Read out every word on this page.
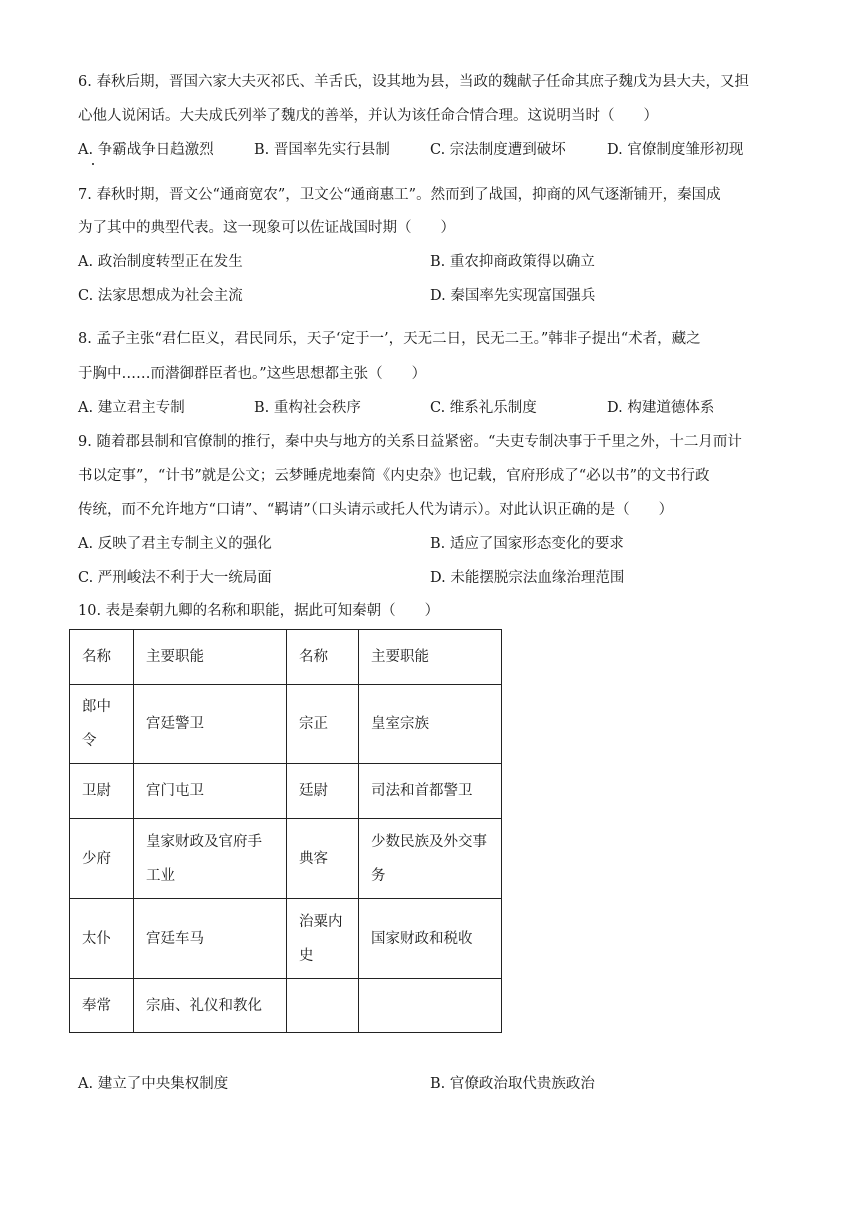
6. 春秋后期，晋国六家大夫灭祁氏、羊舌氏，设其地为县，当政的魏献子任命其庶子魏戊为县大夫，又担
心他人说闲话。大夫成氏列举了魏戊的善举，并认为该任命合情合理。这说明当时（　　）
A. 争霸战争日趋激烈	B. 晋国率先实行县制	C. 宗法制度遭到破坏	D. 官僚制度雏形初现
7. 春秋时期，晋文公“通商宽农”，卫文公“通商惠工”。然而到了战国，抑商的风气逐渐铺开，秦国成
为了其中的典型代表。这一现象可以佐证战国时期（　　）
A. 政治制度转型正在发生	B. 重农抑商政策得以确立
C. 法家思想成为社会主流	D. 秦国率先实现富国强兵
8. 孟子主张“君仁臣义，君民同乐，天子‘定于一’，天无二日，民无二王。”韩非子提出“术者，藏之
于胸中……而潜御群臣者也。”这些思想都主张（　　）
A. 建立君主专制	B. 重构社会秩序	C. 维系礼乐制度	D. 构建道德体系
9. 随着郡县制和官僚制的推行，秦中央与地方的关系日益紧密。“夫吏专制决事于千里之外，十二月而计
书以定事”，“计书”就是公文；云梦睡虎地秦简《内史杂》也记载，官府形成了“必以书”的文书行政
传统，而不允许地方“口请”、“羁请”（口头请示或托人代为请示）。对此认识正确的是（　　）
A. 反映了君主专制主义的强化	B. 适应了国家形态变化的要求
C. 严刑峻法不利于大一统局面	D. 未能摆脱宗法血缘治理范围
10. 表是秦朝九卿的名称和职能，据此可知秦朝（　　）
名称	主要职能	名称	主要职能
郎中令	宫廷警卫	宗正	皇室宗族
卫尉	宫门屯卫	廷尉	司法和首都警卫
少府	皇家财政及官府手工业	典客	少数民族及外交事务
太仆	宫廷车马	治粟内史	国家财政和税收
奉常	宗庙、礼仪和教化		
A. 建立了中央集权制度	B. 官僚政治取代贵族政治
